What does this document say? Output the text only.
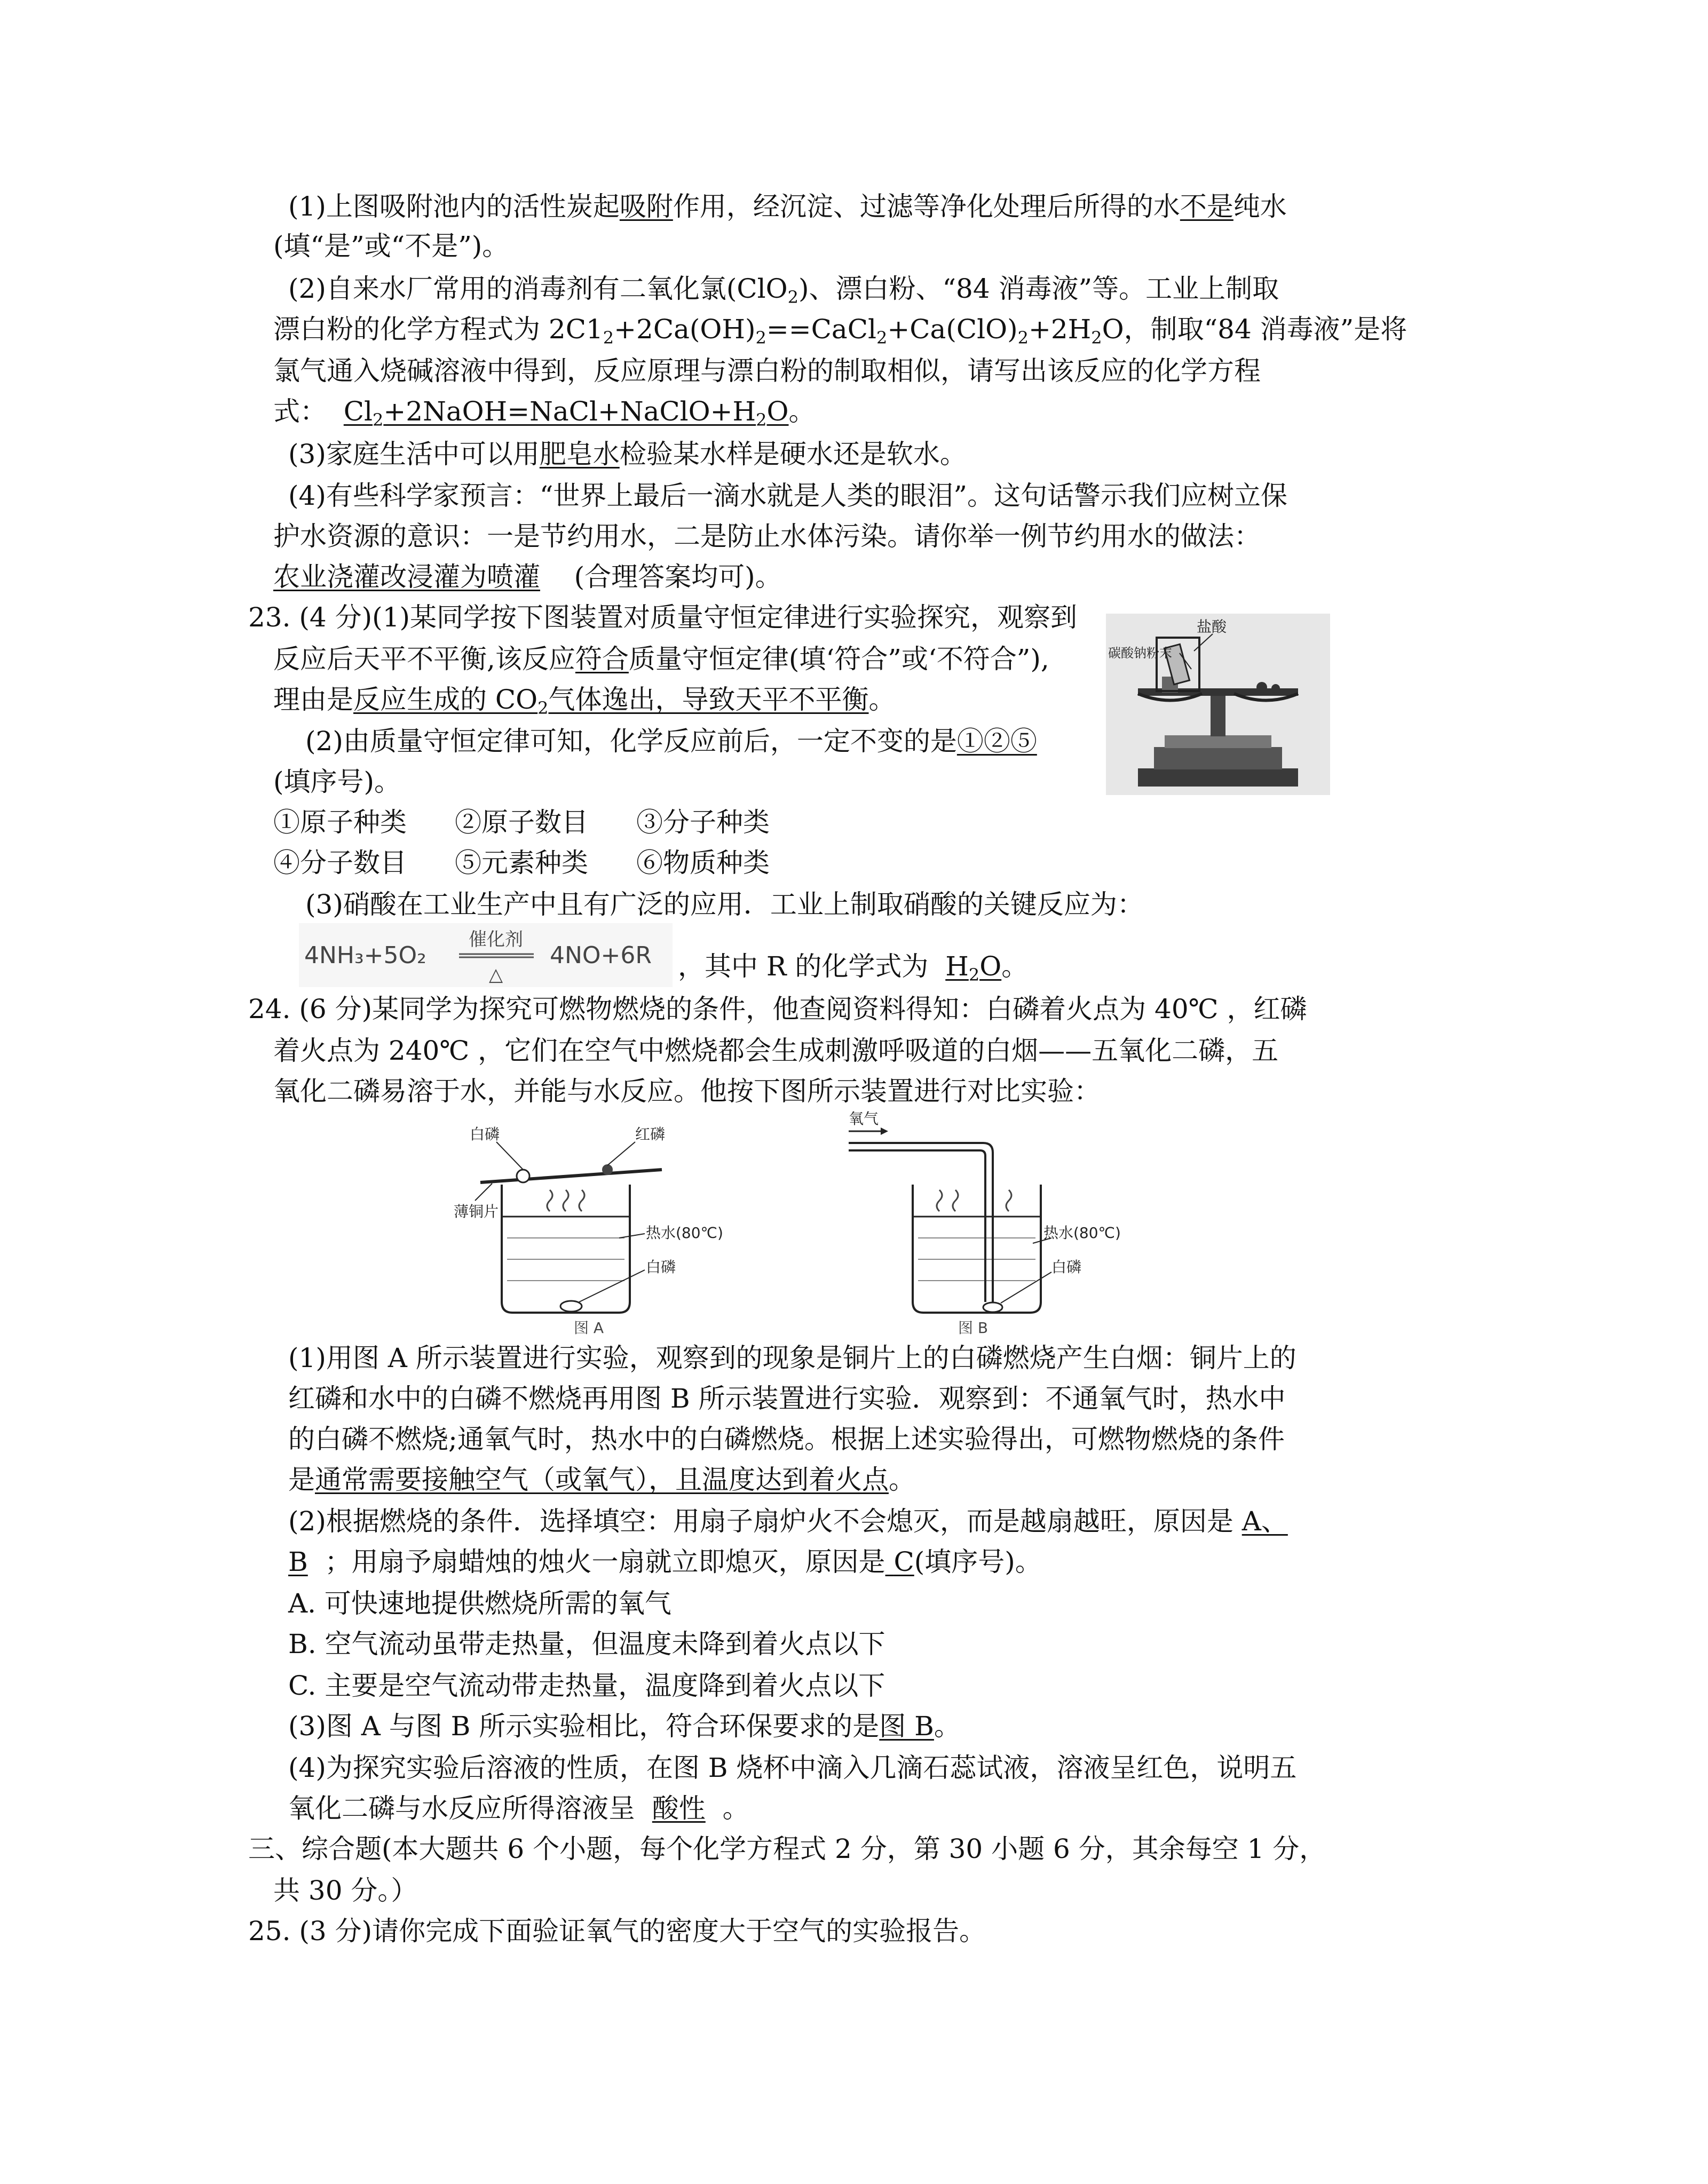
(1)上图吸附池内的活性炭起吸附作用，经沉淀、过滤等净化处理后所得的水不是纯水
(填“是”或“不是”)。
(2)自来水厂常用的消毒剂有二氧化氯(ClO$_2$)、漂白粉、“84 消毒液”等。工业上制取
漂白粉的化学方程式为 $2C1_2+2Ca(OH)_2==CaCl_2+Ca(ClO)_2+2H_2O$，制取“84 消毒液”是将
氯气通入烧碱溶液中得到，反应原理与漂白粉的制取相似，请写出该反应的化学方程
式： $Cl_2+2NaOH=NaCl+NaClO+H_2O$。
(3)家庭生活中可以用肥皂水检验某水样是硬水还是软水。
(4)有些科学家预言：“世界上最后一滴水就是人类的眼泪”。这句话警示我们应树立保
护水资源的意识：一是节约用水，二是防止水体污染。请你举一例节约用水的做法：
农业浇灌改浸灌为喷灌 (合理答案均可)。
23. (4 分)(1)某同学按下图装置对质量守恒定律进行实验探究，观察到
反应后天平不平衡,该反应符合质量守恒定律(填‘符合”或‘不符合”),
理由是反应生成的 $CO_2$气体逸出，导致天平不平衡。
(2)由质量守恒定律可知，化学反应前后，一定不变的是①②⑤
(填序号)。
①原子种类 ②原子数目 ③分子种类
④分子数目 ⑤元素种类 ⑥物质种类
(3)硝酸在工业生产中且有广泛的应用．工业上制取硝酸的关键反应为：
4NH₃+5O₂
催化剂
△
4NO+6R ，其中 R 的化学式为 $H_2O$。
盐酸
碳酸钠粉末
24. (6 分)某同学为探究可燃物燃烧的条件，他查阅资料得知：白磷着火点为 40℃ ，红磷
着火点为 240℃ ，它们在空气中燃烧都会生成刺激呼吸道的白烟——五氧化二磷，五
氧化二磷易溶于水，并能与水反应。他按下图所示装置进行对比实验：
白磷	红磷
薄铜片
热水(80℃)
白磷
图 A
氧气
热水(80℃)
白磷
图 B
(1)用图 A 所示装置进行实验，观察到的现象是铜片上的白磷燃烧产生白烟：铜片上的
红磷和水中的白磷不燃烧再用图 B 所示装置进行实验．观察到：不通氧气时，热水中
的白磷不燃烧;通氧气时，热水中的白磷燃烧。根据上述实验得出，可燃物燃烧的条件
是通常需要接触空气（或氧气），且温度达到着火点。
(2)根据燃烧的条件．选择填空：用扇子扇炉火不会熄灭，而是越扇越旺，原因是 A、
B ；用扇予扇蜡烛的烛火一扇就立即熄灭，原因是 C(填序号)。
A. 可快速地提供燃烧所需的氧气
B. 空气流动虽带走热量，但温度未降到着火点以下
C. 主要是空气流动带走热量，温度降到着火点以下
(3)图 A 与图 B 所示实验相比，符合环保要求的是图 B。
(4)为探究实验后溶液的性质，在图 B 烧杯中滴入几滴石蕊试液，溶液呈红色，说明五
氧化二磷与水反应所得溶液呈 酸性 。
三、综合题(本大题共 6 个小题，每个化学方程式 2 分，第 30 小题 6 分，其余每空 1 分，
共 30 分。）
25. (3 分)请你完成下面验证氧气的密度大于空气的实验报告。
